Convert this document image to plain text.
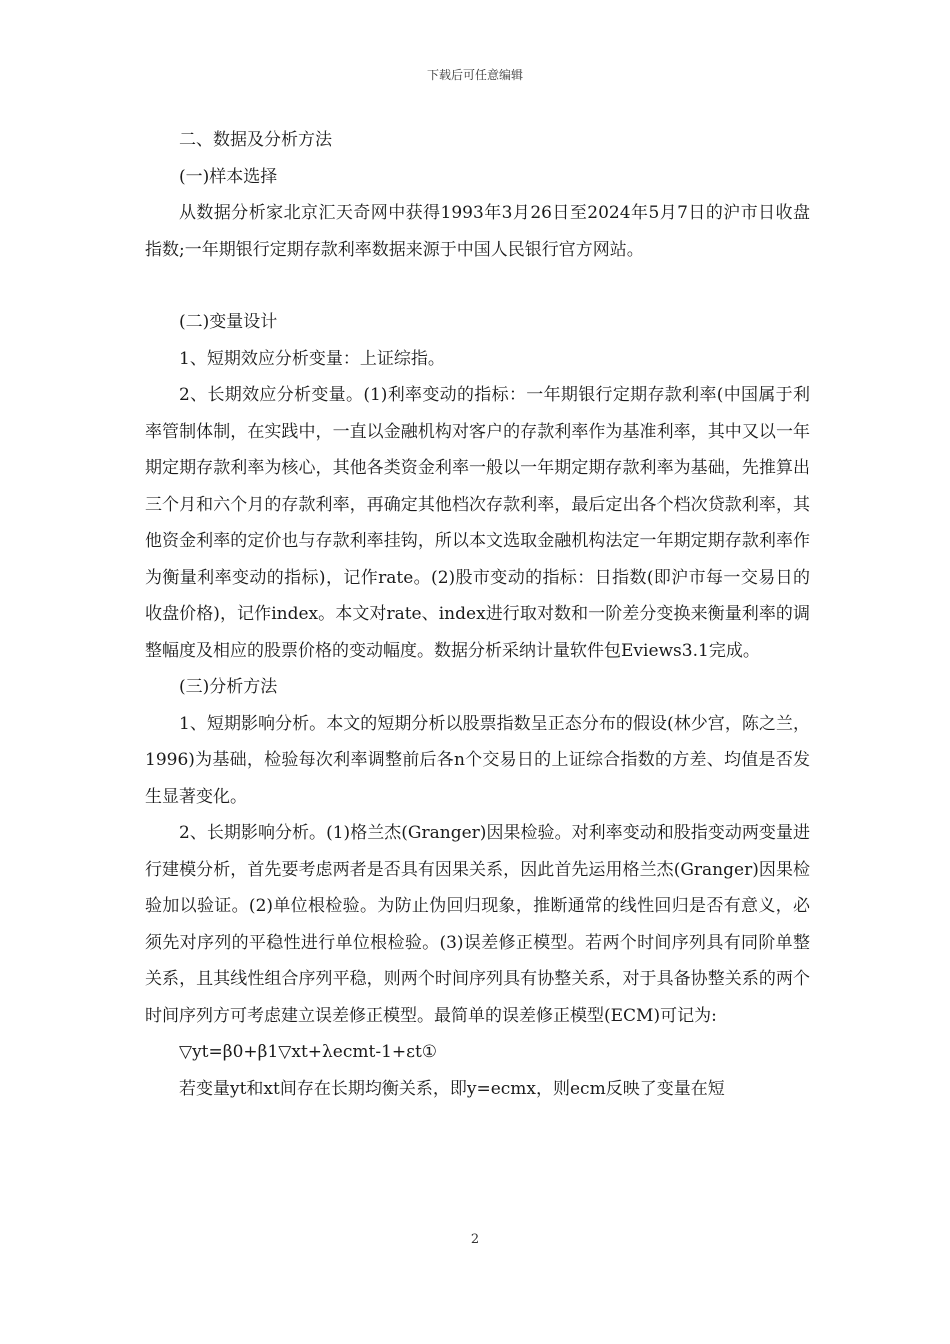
下载后可任意编辑

二、数据及分析方法

(一)样本选择

从数据分析家北京汇天奇网中获得1993年3月26日至2024年5月7日的沪市日收盘指数;一年期银行定期存款利率数据来源于中国人民银行官方网站。

(二)变量设计

1、短期效应分析变量：上证综指。

2、长期效应分析变量。(1)利率变动的指标：一年期银行定期存款利率(中国属于利率管制体制，在实践中，一直以金融机构对客户的存款利率作为基准利率，其中又以一年期定期存款利率为核心，其他各类资金利率一般以一年期定期存款利率为基础，先推算出三个月和六个月的存款利率，再确定其他档次存款利率，最后定出各个档次贷款利率，其他资金利率的定价也与存款利率挂钩，所以本文选取金融机构法定一年期定期存款利率作为衡量利率变动的指标)，记作rate。(2)股市变动的指标：日指数(即沪市每一交易日的收盘价格)，记作index。本文对rate、index进行取对数和一阶差分变换来衡量利率的调整幅度及相应的股票价格的变动幅度。数据分析采纳计量软件包Eviews3.1完成。

(三)分析方法

1、短期影响分析。本文的短期分析以股票指数呈正态分布的假设(林少宫，陈之兰，1996)为基础，检验每次利率调整前后各n个交易日的上证综合指数的方差、均值是否发生显著变化。

2、长期影响分析。(1)格兰杰(Granger)因果检验。对利率变动和股指变动两变量进行建模分析，首先要考虑两者是否具有因果关系，因此首先运用格兰杰(Granger)因果检验加以验证。(2)单位根检验。为防止伪回归现象，推断通常的线性回归是否有意义，必须先对序列的平稳性进行单位根检验。(3)误差修正模型。若两个时间序列具有同阶单整关系，且其线性组合序列平稳，则两个时间序列具有协整关系，对于具备协整关系的两个时间序列方可考虑建立误差修正模型。最简单的误差修正模型(ECM)可记为:

▽yt=β0+β1▽xt+λecmt-1+εt①

若变量yt和xt间存在长期均衡关系，即y=ecmx，则ecm反映了变量在短

2
